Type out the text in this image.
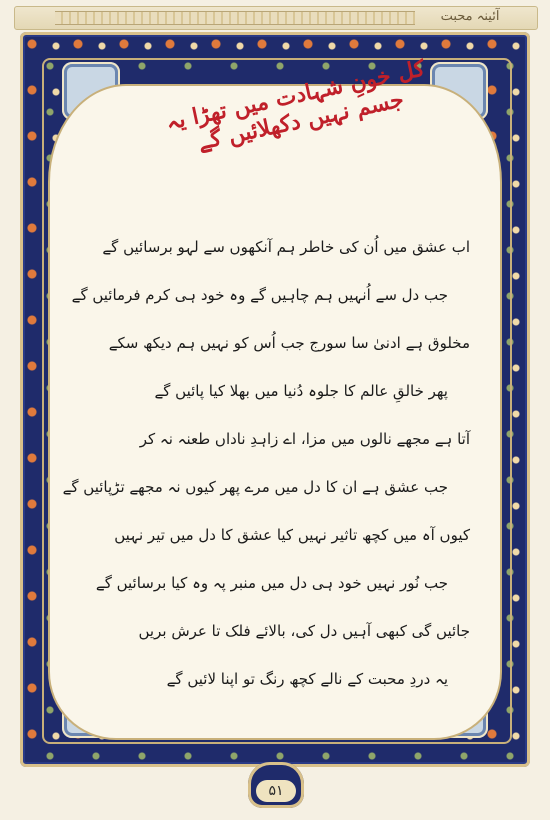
آئینہ محبت
کل خونِ شہادت میں تھڑا یہ جسم نہیں دکھلائیں گے
اب عشق میں اُن کی خاطر ہم آنکھوں سے لہو برسائیں گے
جب دل سے اُنہیں ہم چاہیں گے وہ خود ہی کرم فرمائیں گے
مخلوق ہے ادنیٰ سا سورج جب اُس کو نہیں ہم دیکھ سکے
پھر خالقِ عالم کا جلوہ دُنیا میں بھلا کیا پائیں گے
آتا ہے مجھے نالوں میں مزا، اے زاہدِ ناداں طعنہ نہ کر
جب عشق ہے ان کا دل میں مرے پھر کیوں نہ مجھے تڑپائیں گے
کیوں آہ میں کچھ تاثیر نہیں کیا عشق کا دل میں تیر نہیں
جب نُور نہیں خود ہی دل میں منبر پہ وہ کیا برسائیں گے
جائیں گی کبھی آہیں دل کی، بالائے فلک تا عرش بریں
یہ دردِ محبت کے نالے کچھ رنگ تو اپنا لائیں گے
۵۱
